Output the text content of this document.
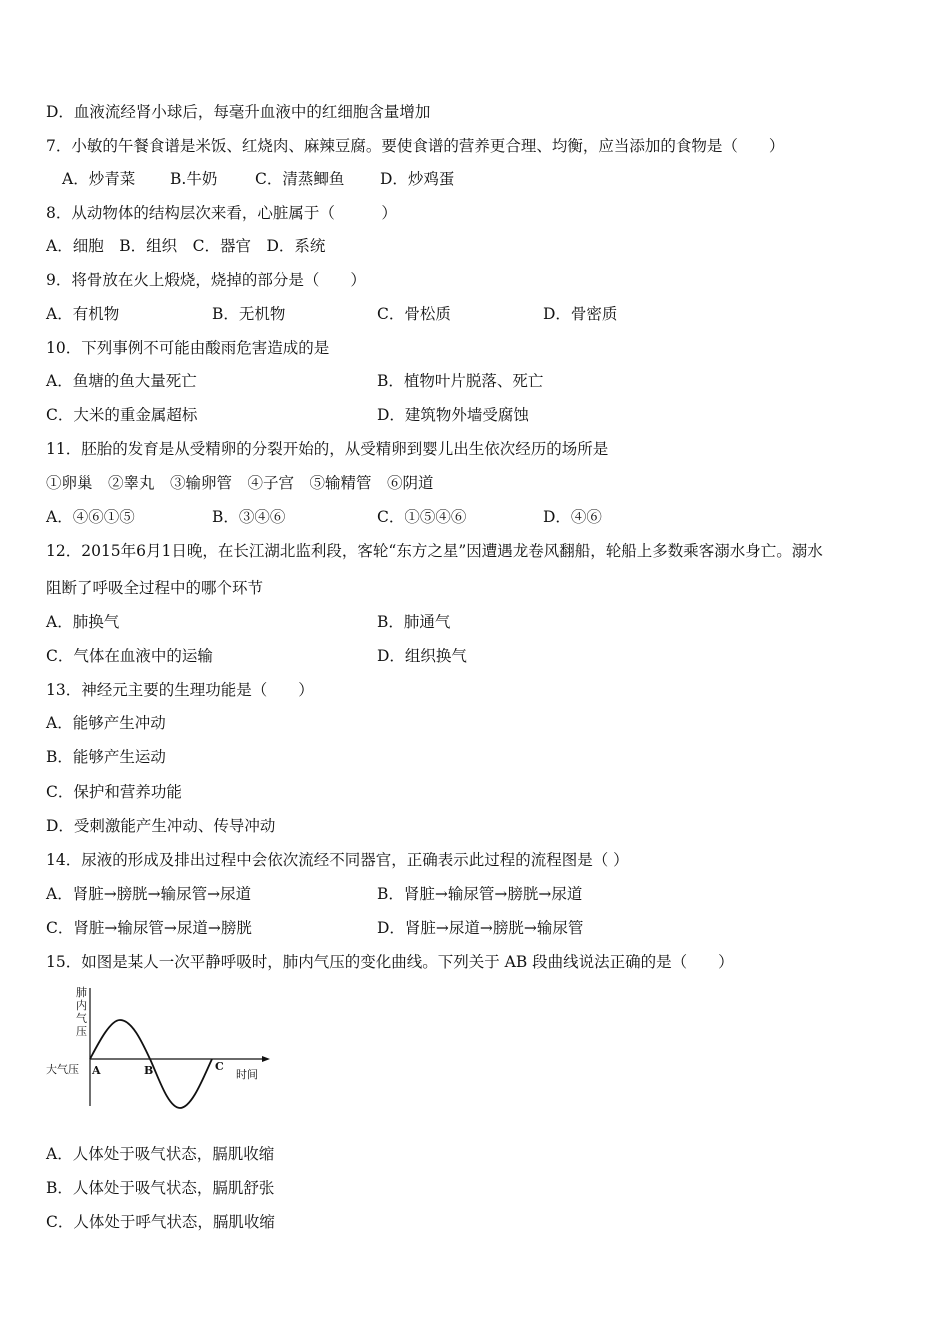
D．血液流经肾小球后，每毫升血液中的红细胞含量增加
7．小敏的午餐食谱是米饭、红烧肉、麻辣豆腐。要使食谱的营养更合理、均衡，应当添加的食物是（　　）
A．炒青菜 B.牛奶 C．清蒸鲫鱼 D．炒鸡蛋
8．从动物体的结构层次来看，心脏属于（　　　）
A．细胞　B．组织　C．器官　D．系统
9．将骨放在火上煅烧，烧掉的部分是（　　）
A．有机物	B．无机物	C．骨松质	D．骨密质
10．下列事例不可能由酸雨危害造成的是
A．鱼塘的鱼大量死亡	B．植物叶片脱落、死亡
C．大米的重金属超标	D．建筑物外墙受腐蚀
11．胚胎的发育是从受精卵的分裂开始的，从受精卵到婴儿出生依次经历的场所是
①卵巢　②睾丸　③输卵管　④子宫　⑤输精管　⑥阴道
A．④⑥①⑤	B．③④⑥	C．①⑤④⑥	D．④⑥
12．2015年6月1日晚，在长江湖北监利段，客轮“东方之星”因遭遇龙卷风翻船，轮船上多数乘客溺水身亡。溺水
阻断了呼吸全过程中的哪个环节
A．肺换气	B．肺通气
C．气体在血液中的运输	D．组织换气
13．神经元主要的生理功能是（　　）
A．能够产生冲动
B．能够产生运动
C．保护和营养功能
D．受刺激能产生冲动、传导冲动
14．尿液的形成及排出过程中会依次流经不同器官，正确表示此过程的流程图是（ ）
A．肾脏→膀胱→输尿管→尿道	B．肾脏→输尿管→膀胱→尿道
C．肾脏→输尿管→尿道→膀胱	D．肾脏→尿道→膀胱→输尿管
15．如图是某人一次平静呼吸时，肺内气压的变化曲线。下列关于 AB 段曲线说法正确的是（　　）
肺
内
气
压
大气压 A	B	C
时间
A．人体处于吸气状态，膈肌收缩
B．人体处于吸气状态，膈肌舒张
C．人体处于呼气状态，膈肌收缩
